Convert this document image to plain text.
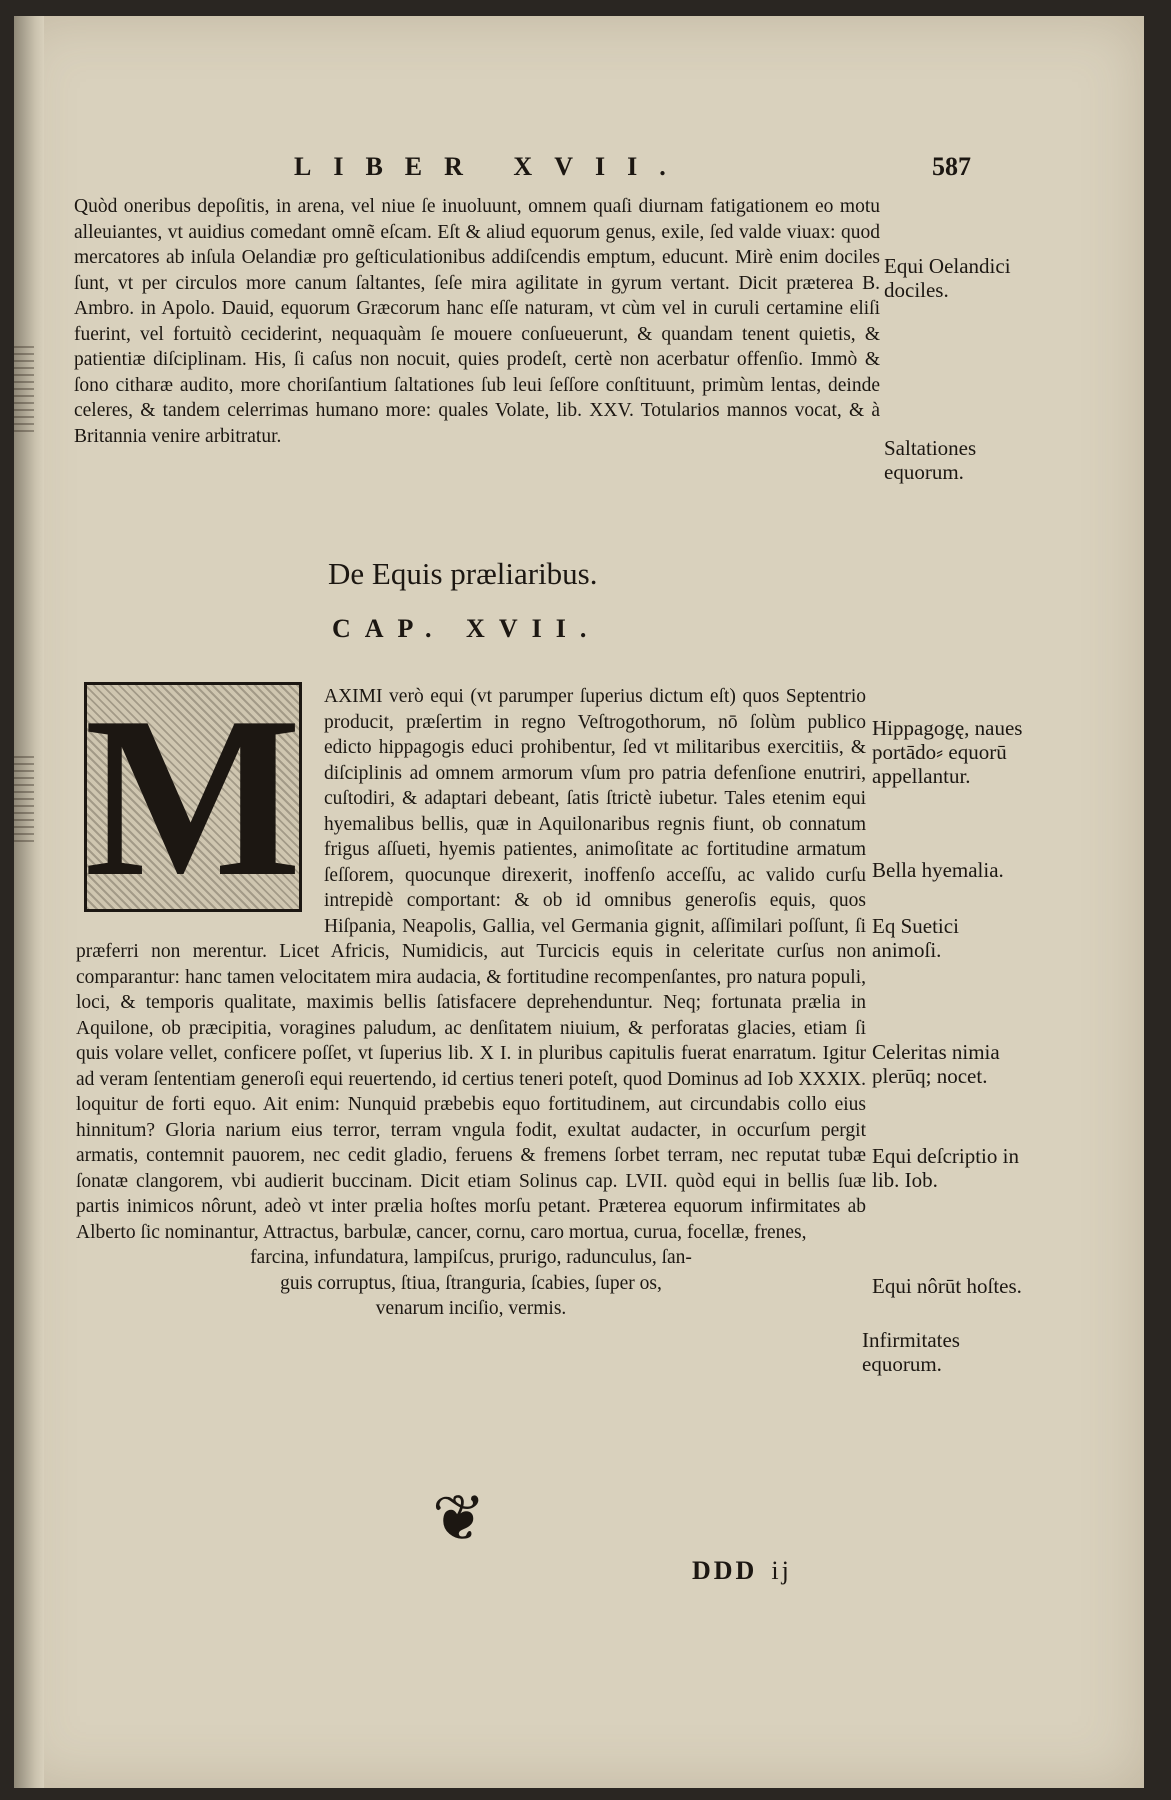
LIBER XVII.	587

Quòd oneribus depoſitis, in arena, vel niue ſe inuoluunt, omnem quaſi diurnam fatigationem eo motu alleuiantes, vt auidius comedant omnẽ eſcam. Eſt & aliud equorum genus, exile, ſed valde viuax: quod mercatores ab inſula Oelandiæ pro geſticulationibus addiſcendis emptum, educunt. Mirè enim dociles ſunt, vt per circulos more canum ſaltantes, ſeſe mira agilitate in gyrum vertant. Dicit præterea B. Ambro. in Apolo. Dauid, equorum Græcorum hanc eſſe naturam, vt cùm vel in curuli certamine eliſi fuerint, vel fortuitò ceciderint, nequaquàm ſe mouere conſueuerunt, & quandam tenent quietis, & patientiæ diſciplinam. His, ſi caſus non nocuit, quies prodeſt, certè non acerbatur offenſio. Immò & ſono citharæ audito, more choriſantium ſaltationes ſub leui ſeſſore conſtituunt, primùm lentas, deinde celeres, & tandem celerrimas humano more: quales Volate, lib. XXV. Totularios mannos vocat, & à Britannia venire arbitratur.

Equi Oelandici dociles.
Saltationes equorum.
De Equis præliaribus.
CAP. XVII.
M	AXIMI verò equi (vt parumper ſuperius dictum eſt) quos Septentrio producit, præſertim in regno Veſtrogothorum, nō ſolùm publico edicto hippagogis educi prohibentur, ſed vt militaribus exercitiis, & diſciplinis ad omnem armorum vſum pro patria defenſione enutriri, cuſtodiri, & adaptari debeant, ſatis ſtrictè iubetur. Tales etenim equi hyemalibus bellis, quæ in Aquilonaribus regnis fiunt, ob connatum frigus aſſueti, hyemis patientes, animoſitate ac fortitudine armatum ſeſſorem, quocunque direxerit, inoffenſo acceſſu, ac valido curſu intrepidè comportant: & ob id omnibus generoſis equis, quos Hiſpania, Neapolis, Gallia, vel Germania gignit, aſſimilari poſſunt, ſi præferri non merentur. Licet Africis, Numidicis, aut Turcicis equis in celeritate curſus non comparantur: hanc tamen velocitatem mira audacia, & fortitudine recompenſantes, pro natura populi, loci, & temporis qualitate, maximis bellis ſatisfacere deprehenduntur. Neq; fortunata prælia in Aquilone, ob præcipitia, voragines paludum, ac denſitatem niuium, & perforatas glacies, etiam ſi quis volare vellet, conficere poſſet, vt ſuperius lib. X I. in pluribus capitulis fuerat enarratum. Igitur ad veram ſententiam generoſi equi reuertendo, id certius teneri poteſt, quod Dominus ad Iob XXXIX. loquitur de forti equo. Ait enim: Nunquid præbebis equo fortitudinem, aut circundabis collo eius hinnitum? Gloria narium eius terror, terram vngula fodit, exultat audacter, in occurſum pergit armatis, contemnit pauorem, nec cedit gladio, feruens & fremens ſorbet terram, nec reputat tubæ ſonatæ clangorem, vbi audierit buccinam. Dicit etiam Solinus cap. LVII. quòd equi in bellis ſuæ partis inimicos nôrunt, adeò vt inter prælia hoſtes morſu petant. Præterea equorum infirmitates ab Alberto ſic nominantur, Attractus, barbulæ, cancer, cornu, caro mortua, curua, focellæ, frenes,

farcina, infundatura, lampiſcus, prurigo, radunculus, ſan-

guis corruptus, ſtiua, ſtranguria, ſcabies, ſuper os,

venarum inciſio, vermis.

Hippagogę, naues portādo⸗ equorū appellantur.
Bella hyemalia.
Eq Suetici animoſi.
Celeritas nimia plerūq; nocet.
Equi deſcriptio in lib. Iob.
Equi nôrūt hoſtes.
Infirmitates equorum.
❦
DDD ij
